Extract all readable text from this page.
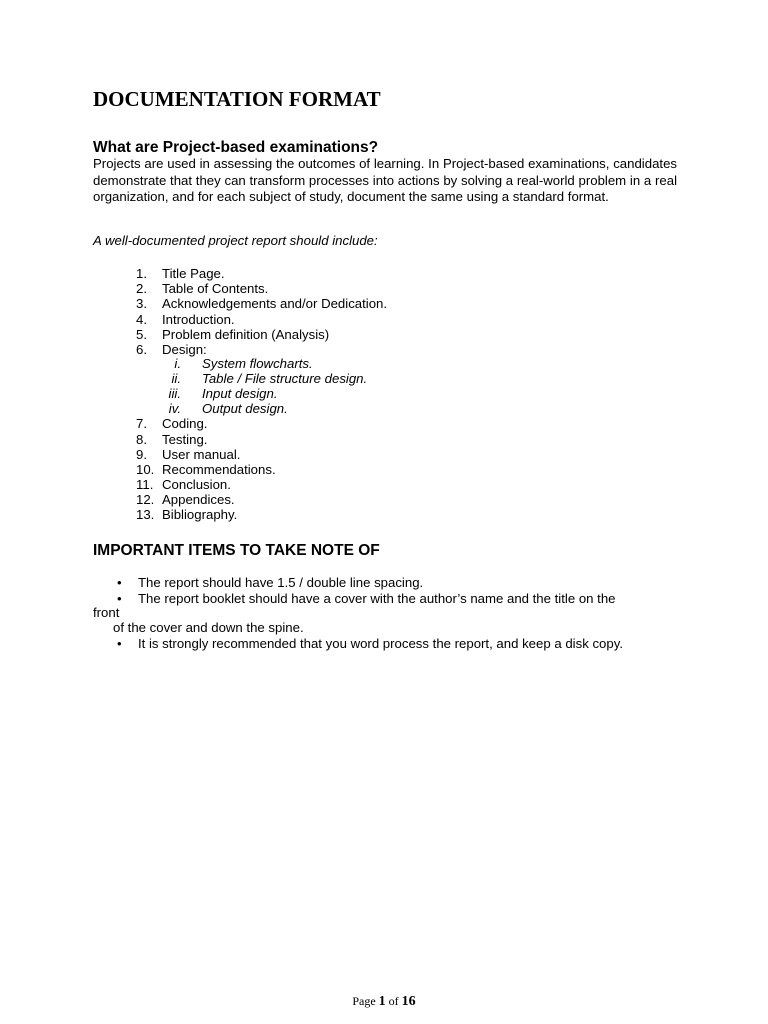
DOCUMENTATION FORMAT
What are Project-based examinations?

Projects are used in assessing the outcomes of learning. In Project-based examinations, candidates demonstrate that they can transform processes into actions by solving a real-world problem in a real organization, and for each subject of study, document the same using a standard format.

A well-documented project report should include:

1.	Title Page.
2.	Table of Contents.
3.	Acknowledgements and/or Dedication.
4.	Introduction.
5.	Problem definition (Analysis)
6.	Design:
i. System flowcharts.
ii. Table / File structure design.
iii. Input design.
iv. Output design.
7.	Coding.
8.	Testing.
9.	User manual.
10. Recommendations.
11. Conclusion.
12. Appendices.
13. Bibliography.
IMPORTANT ITEMS TO TAKE NOTE OF
• The report should have 1.5 / double line spacing.
• The report booklet should have a cover with the author’s name and the title on the
front
of the cover and down the spine.
• It is strongly recommended that you word process the report, and keep a disk copy.
Page 1 of 16
